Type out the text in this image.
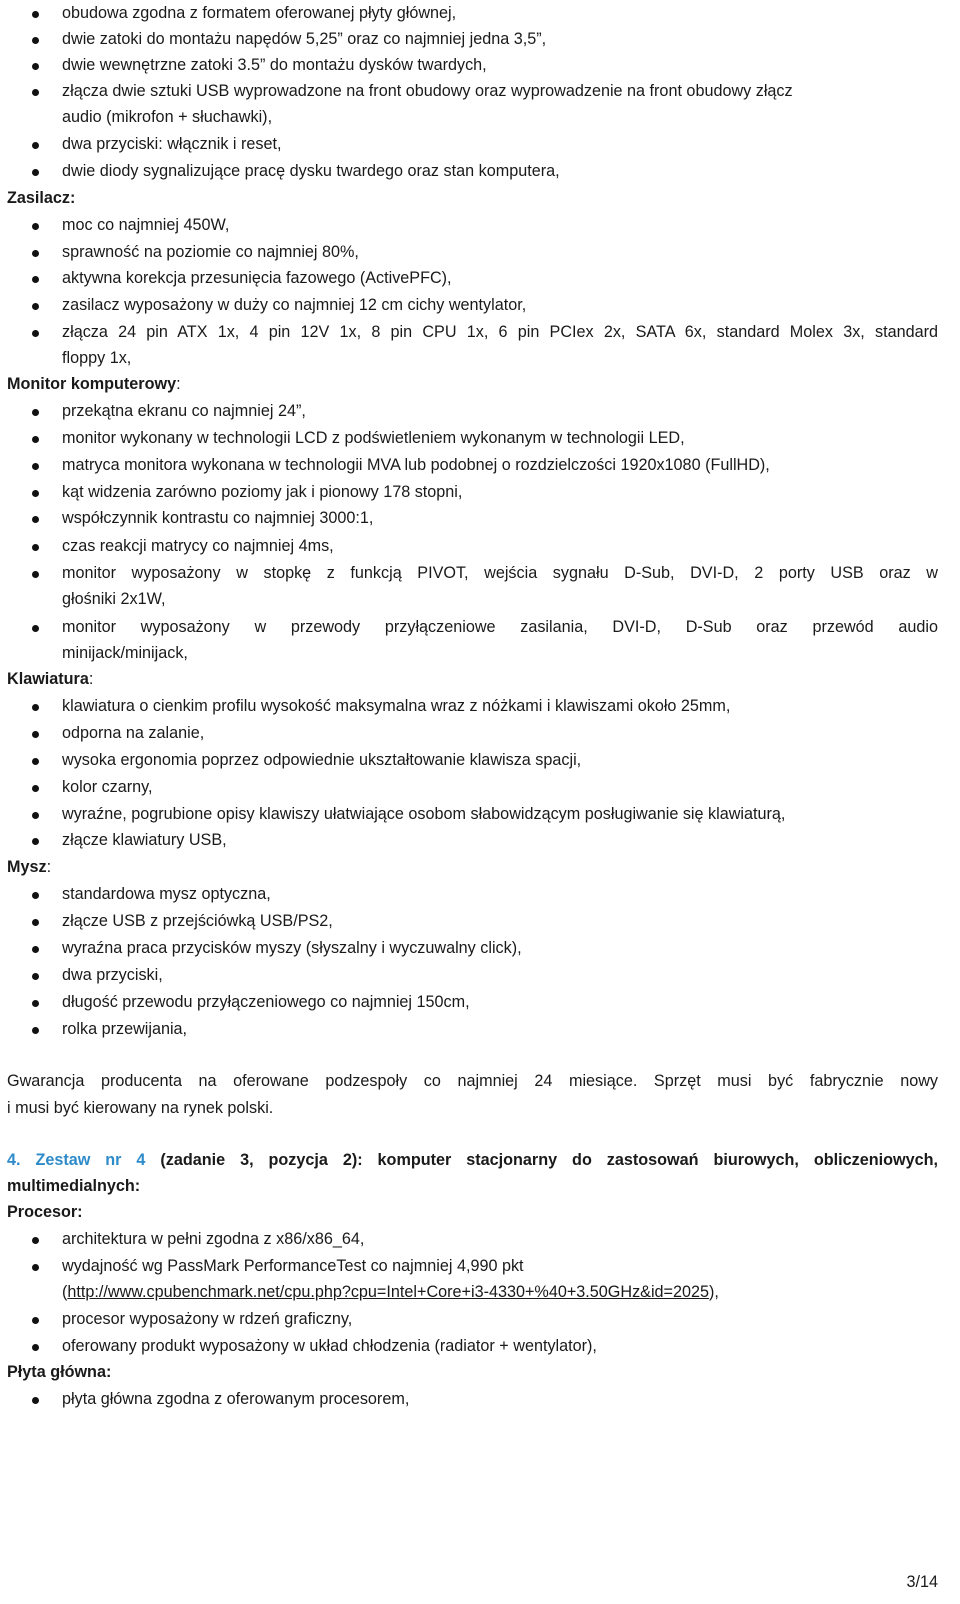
obudowa zgodna z formatem oferowanej płyty głównej,
dwie zatoki do montażu napędów 5,25” oraz co najmniej jedna 3,5”,
dwie wewnętrzne zatoki 3.5” do montażu dysków twardych,
złącza dwie sztuki USB wyprowadzone na front obudowy oraz wyprowadzenie na front obudowy złącz
audio (mikrofon + słuchawki),
dwa przyciski: włącznik i reset,
dwie diody sygnalizujące pracę dysku twardego oraz stan komputera,
Zasilacz:
moc co najmniej 450W,
sprawność na poziomie co najmniej 80%,
aktywna korekcja przesunięcia fazowego (ActivePFC),
zasilacz wyposażony w duży co najmniej 12 cm cichy wentylator,
złącza 24 pin ATX 1x, 4 pin 12V 1x, 8 pin CPU 1x, 6 pin PCIex 2x, SATA 6x, standard Molex 3x, standard
floppy 1x,
Monitor komputerowy:
przekątna ekranu co najmniej 24”,
monitor wykonany w technologii LCD z podświetleniem wykonanym w technologii LED,
matryca monitora wykonana w technologii MVA lub podobnej o rozdzielczości 1920x1080 (FullHD),
kąt widzenia zarówno poziomy jak i pionowy 178 stopni,
współczynnik kontrastu co najmniej 3000:1,
czas reakcji matrycy co najmniej 4ms,
monitor wyposażony w stopkę z funkcją PIVOT, wejścia sygnału D-Sub, DVI-D, 2 porty USB oraz w
głośniki 2x1W,
monitor wyposażony w przewody przyłączeniowe zasilania, DVI-D, D-Sub oraz przewód audio
minijack/minijack,
Klawiatura:
klawiatura o cienkim profilu wysokość maksymalna wraz z nóżkami i klawiszami około 25mm,
odporna na zalanie,
wysoka ergonomia poprzez odpowiednie ukształtowanie klawisza spacji,
kolor czarny,
wyraźne, pogrubione opisy klawiszy ułatwiające osobom słabowidzącym posługiwanie się klawiaturą,
złącze klawiatury USB,
Mysz:
standardowa mysz optyczna,
złącze USB z przejściówką USB/PS2,
wyraźna praca przycisków myszy (słyszalny i wyczuwalny click),
dwa przyciski,
długość przewodu przyłączeniowego co najmniej 150cm,
rolka przewijania,
Gwarancja producenta na oferowane podzespoły co najmniej 24 miesiące. Sprzęt musi być fabrycznie nowy
i musi być kierowany na rynek polski.
4. Zestaw nr 4 (zadanie 3, pozycja 2): komputer stacjonarny do zastosowań biurowych, obliczeniowych,
multimedialnych:
Procesor:
architektura w pełni zgodna z x86/x86_64,
wydajność wg PassMark PerformanceTest co najmniej 4,990 pkt
(http://www.cpubenchmark.net/cpu.php?cpu=Intel+Core+i3-4330+%40+3.50GHz&id=2025),
procesor wyposażony w rdzeń graficzny,
oferowany produkt wyposażony w układ chłodzenia (radiator + wentylator),
Płyta główna:
płyta główna zgodna z oferowanym procesorem,
3/14
